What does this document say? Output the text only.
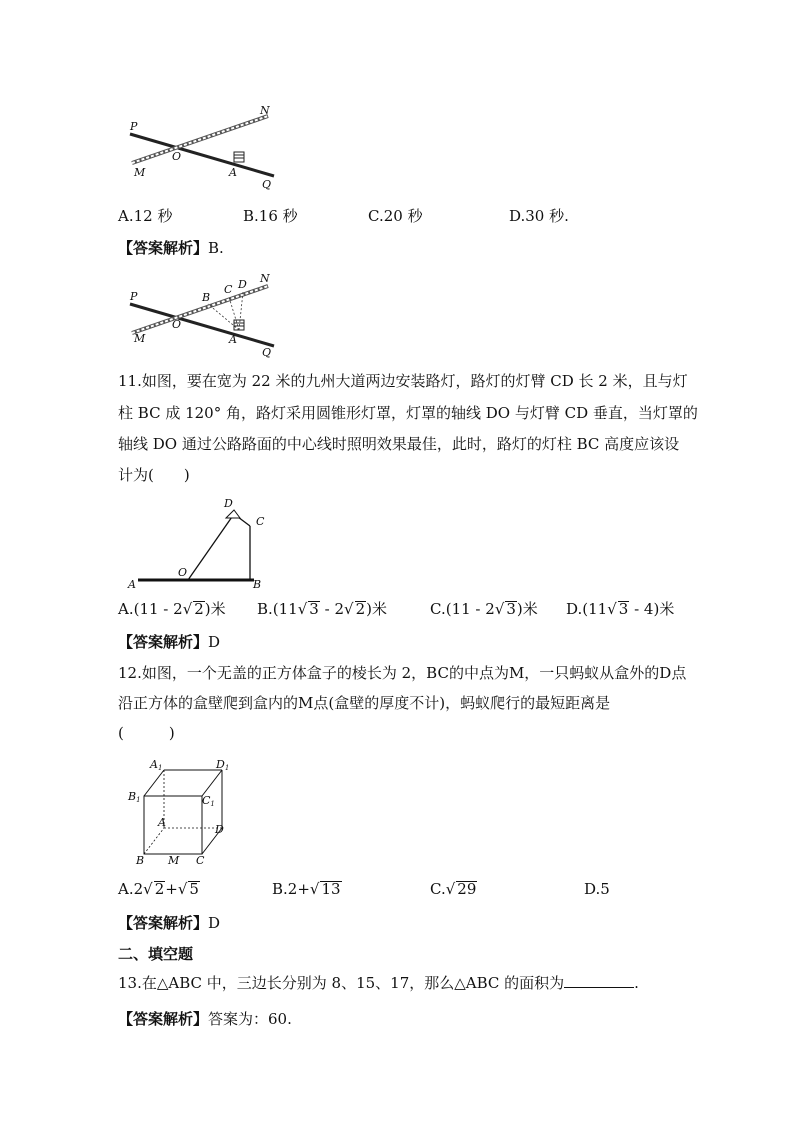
P
N
O
M	A
Q
A.12 秒	B.16 秒	C.20 秒	D.30 秒.
【答案解析】B.
P	B
C D N
O
M	A
Q
11.如图，要在宽为 22 米的九州大道两边安装路灯，路灯的灯臂 CD 长 2 米，且与灯
柱 BC 成 120° 角，路灯采用圆锥形灯罩，灯罩的轴线 DO 与灯臂 CD 垂直，当灯罩的
轴线 DO 通过公路路面的中心线时照明效果最佳，此时，路灯的灯柱 BC 高度应该设
计为(　　)
D
C
O
A	B
A.(11 - 2√ 2)米 B.(11√ 3 - 2√ 2)米	C.(11 - 2√ 3)米 D.(11√ 3 - 4)米
【答案解析】D
12.如图，一个无盖的正方体盒子的棱长为 2，BC的中点为M，一只蚂蚁从盒外的D点
沿正方体的盒壁爬到盒内的M点(盒壁的厚度不计)，蚂蚁爬行的最短距离是
(　　　)
A1	D1
B1	C1
A
D
B M C
A.2√ 2+√ 5	B.2+√ 13	C.√ 29	D.5
【答案解析】D
二、填空题
13.在△ABC 中，三边长分别为 8、15、17，那么△ABC 的面积为	.
【答案解析】答案为：60.
